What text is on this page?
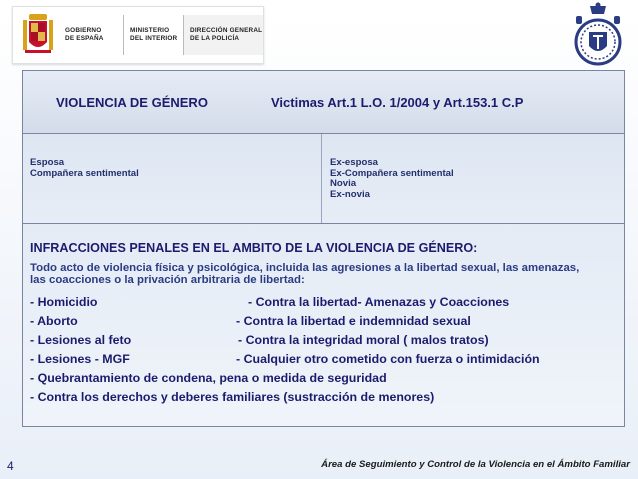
GOBIERNO
DE ESPAÑA
MINISTERIO
DEL INTERIOR
DIRECCIÓN GENERAL
DE LA POLICÍA
VIOLENCIA DE GÉNERO	Victimas Art.1 L.O. 1/2004 y Art.153.1 C.P
Esposa
Compañera sentimental
Ex-esposa
Ex-Compañera sentimental
Novia
Ex-novia
INFRACCIONES PENALES EN EL AMBITO DE LA VIOLENCIA DE GÉNERO:
Todo acto de violencia física y psicológica, incluida las agresiones a la libertad sexual, las amenazas, las coacciones o la privación arbitraria de libertad:
- Homicidio	- Contra la libertad- Amenazas y Coacciones
- Aborto	- Contra la libertad e indemnidad sexual
- Lesiones al feto	- Contra la integridad moral ( malos tratos)
- Lesiones - MGF	- Cualquier otro cometido con fuerza o intimidación
- Quebrantamiento de condena, pena o medida de seguridad
- Contra los derechos y deberes familiares (sustracción de menores)
4	Área de Seguimiento y Control de la Violencia en el Ámbito Familiar
